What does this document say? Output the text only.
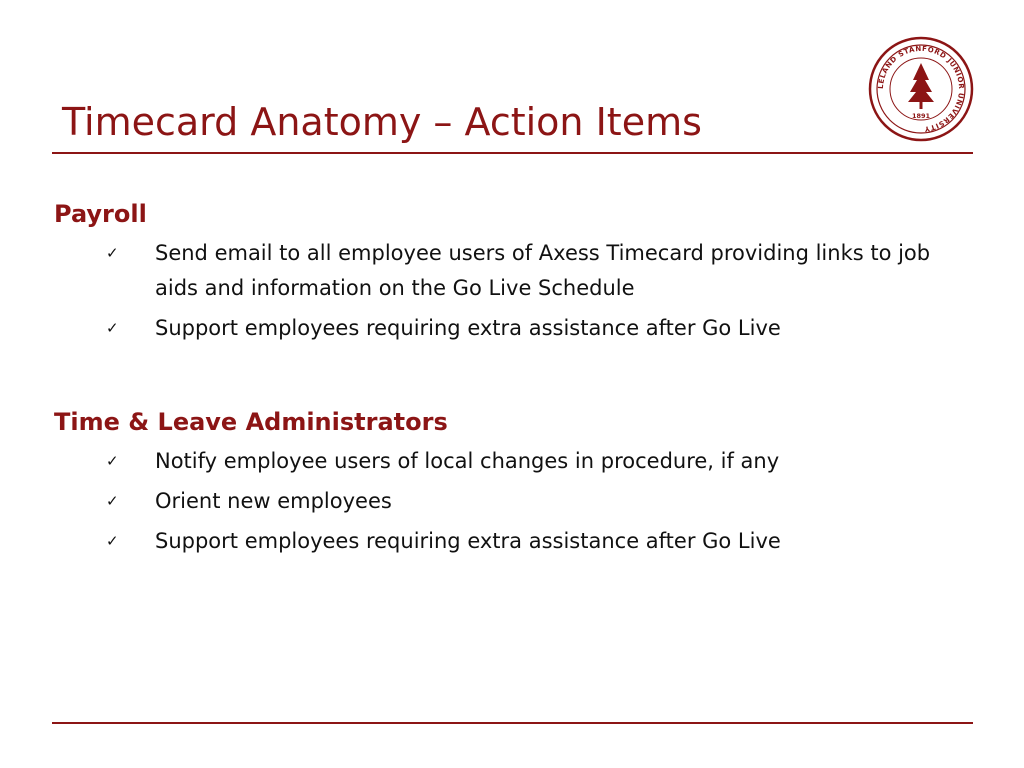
Timecard Anatomy – Action Items
LELAND STANFORD JUNIOR UNIVERSITY
1891
Payroll
✓ Send email to all employee users of Axess Timecard providing links to job aids and information on the Go Live Schedule
✓ Support employees requiring extra assistance after Go Live
Time & Leave Administrators
✓ Notify employee users of local changes in procedure, if any
✓ Orient new employees
✓ Support employees requiring extra assistance after Go Live
